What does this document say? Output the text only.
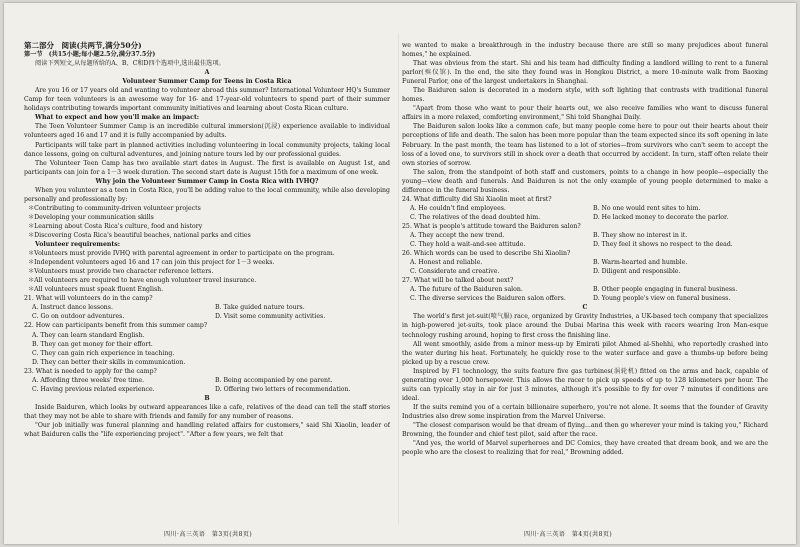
第二部分　阅读(共两节,满分50分)

第一节　(共15小题;每小题2.5分,满分37.5分)

阅读下列短文,从每题所给的A、B、C和D四个选项中,选出最佳选项。

A

Volunteer Summer Camp for Teens in Costa Rica

Are you 16 or 17 years old and wanting to volunteer abroad this summer? International Volunteer HQ's Summer Camp for teen volunteers is an awesome way for 16- and 17-year-old volunteers to spend part of their summer holidays contributing towards important community initiatives and learning about Costa Rican culture.

What to expect and how you'll make an impact:

The Teen Volunteer Summer Camp is an incredible cultural immersion(沉浸) experience available to individual volunteers aged 16 and 17 and it is fully accompanied by adults.

Participants will take part in planned activities including volunteering in local community projects, taking local dance lessons, going on cultural adventures, and joining nature tours led by our professional guides.

The Volunteer Teen Camp has two available start dates in August. The first is available on August 1st, and participants can join for a 1－3 week duration. The second start date is August 15th for a maximum of one week.

Why join the Volunteer Summer Camp in Costa Rica with IVHQ?

When you volunteer as a teen in Costa Rica, you'll be adding value to the local community, while also developing personally and professionally by:

＊Contributing to community-driven volunteer projects

＊Developing your communication skills

＊Learning about Costa Rica's culture, food and history

＊Discovering Costa Rica's beautiful beaches, national parks and cities

Volunteer requirements:

＊Volunteers must provide IVHQ with parental agreement in order to participate on the program.

＊Independent volunteers aged 16 and 17 can join this project for 1－3 weeks.

＊Volunteers must provide two character reference letters.

＊All volunteers are required to have enough volunteer travel insurance.

＊All volunteers must speak fluent English.

21. What will volunteers do in the camp?

A. Instruct dance lessons.	B. Take guided nature tours.
C. Go on outdoor adventures.	D. Visit some community activities.

22. How can participants benefit from this summer camp?

A. They can learn standard English.
B. They can get money for their effort.
C. They can gain rich experience in teaching.
D. They can better their skills in communication.

23. What is needed to apply for the camp?

A. Affording three weeks' free time.	B. Being accompanied by one parent.
C. Having previous related experience.	D. Offering two letters of recommendation.

B

Inside Baiduren, which looks by outward appearances like a cafe, relatives of the dead can tell the staff stories that they may not be able to share with friends and family for any number of reasons.

"Our job initially was funeral planning and handling related affairs for customers," said Shi Xiaolin, leader of what Baiduren calls the "life experiencing project". "After a few years, we felt that

we wanted to make a breakthrough in the industry because there are still so many prejudices about funeral homes," he explained.

That was obvious from the start. Shi and his team had difficulty finding a landlord willing to rent to a funeral parlor(殡仪馆). In the end, the site they found was in Hongkou District, a mere 10-minute walk from Baoxing Funeral Parlor, one of the largest undertakers in Shanghai.

The Baiduren salon is decorated in a modern style, with soft lighting that contrasts with traditional funeral homes.

"Apart from those who want to pour their hearts out, we also receive families who want to discuss funeral affairs in a more relaxed, comforting environment," Shi told Shanghai Daily.

The Baiduren salon looks like a common cafe, but many people come here to pour out their hearts about their perceptions of life and death. The salon has been more popular than the team expected since its soft opening in late February. In the past month, the team has listened to a lot of stories—from survivors who can't seem to accept the loss of a loved one, to survivors still in shock over a death that occurred by accident. In turn, staff often relate their own stories of sorrow.

The salon, from the standpoint of both staff and customers, points to a change in how people—especially the young—view death and funerals. And Baiduren is not the only example of young people determined to make a difference in the funeral business.

24. What difficulty did Shi Xiaolin meet at first?

A. He couldn't find employees.	B. No one would rent sites to him.
C. The relatives of the dead doubted him.	D. He lacked money to decorate the parlor.

25. What is people's attitude toward the Baiduren salon?

A. They accept the new trend.	B. They show no interest in it.
C. They hold a wait-and-see attitude.	D. They feel it shows no respect to the dead.

26. Which words can be used to describe Shi Xiaolin?

A. Honest and reliable.	B. Warm-hearted and humble.
C. Considerate and creative.	D. Diligent and responsible.

27. What will be talked about next?

A. The future of the Baiduren salon.	B. Other people engaging in funeral business.
C. The diverse services the Baiduren salon offers.	D. Young people's view on funeral business.

C

The world's first jet-suit(喷气服) race, organized by Gravity Industries, a UK-based tech company that specializes in high-powered jet-suits, took place around the Dubai Marina this week with racers wearing Iron Man-esque technology rushing around, hoping to first cross the finishing line.

All went smoothly, aside from a minor mess-up by Emirati pilot Ahmed al-Shehhi, who reportedly crashed into the water during his heat. Fortunately, he quickly rose to the water surface and gave a thumbs-up before being picked up by a rescue crew.

Inspired by F1 technology, the suits feature five gas turbines(涡轮机) fitted on the arms and back, capable of generating over 1,000 horsepower. This allows the racer to pick up speeds of up to 128 kilometers per hour. The suits can typically stay in air for just 3 minutes, although it's possible to fly for over 7 minutes if conditions are ideal.

If the suits remind you of a certain billionaire superhero, you're not alone. It seems that the founder of Gravity Industries also drew some inspiration from the Marvel Universe.

"The closest comparison would be that dream of flying...and then go wherever your mind is taking you," Richard Browning, the founder and chief test pilot, said after the race.

"And yes, the world of Marvel superheroes and DC Comics, they have created that dream book, and we are the people who are the closest to realizing that for real," Browning added.

四川·高三英语　第3页(共8页)	四川·高三英语　第4页(共8页)
